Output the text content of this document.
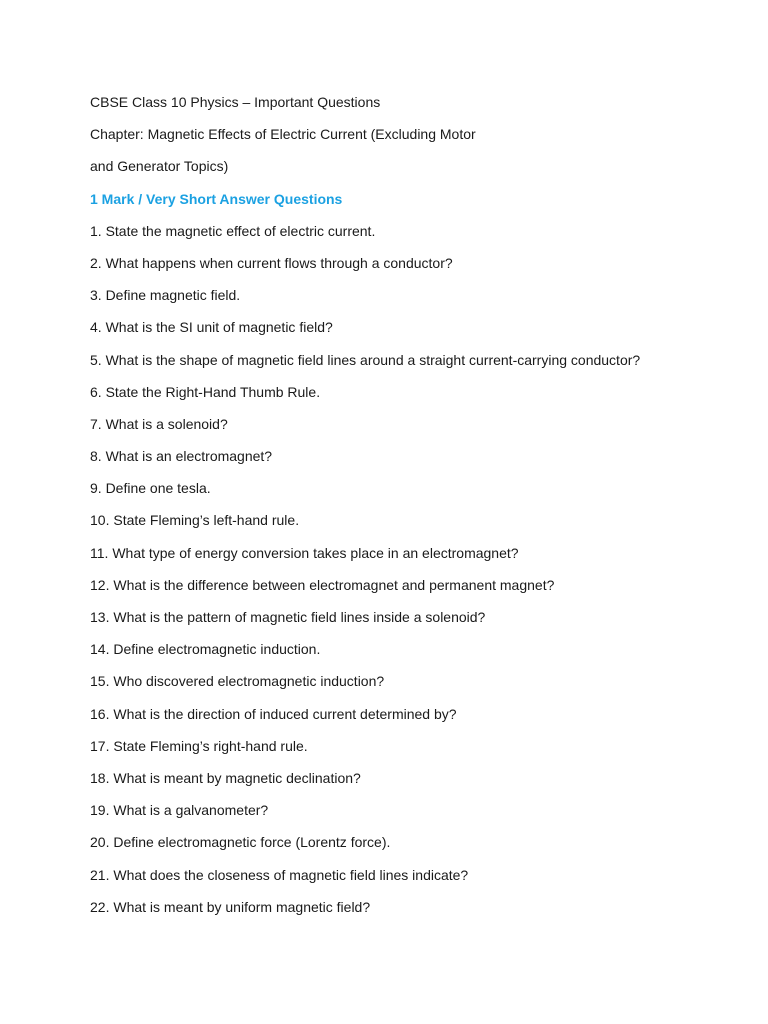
CBSE Class 10 Physics – Important Questions
Chapter: Magnetic Effects of Electric Current (Excluding Motor
and Generator Topics)
1 Mark / Very Short Answer Questions
1. State the magnetic effect of electric current.
2. What happens when current flows through a conductor?
3. Define magnetic field.
4. What is the SI unit of magnetic field?
5. What is the shape of magnetic field lines around a straight current-carrying conductor?
6. State the Right-Hand Thumb Rule.
7. What is a solenoid?
8. What is an electromagnet?
9. Define one tesla.
10. State Fleming’s left-hand rule.
11. What type of energy conversion takes place in an electromagnet?
12. What is the difference between electromagnet and permanent magnet?
13. What is the pattern of magnetic field lines inside a solenoid?
14. Define electromagnetic induction.
15. Who discovered electromagnetic induction?
16. What is the direction of induced current determined by?
17. State Fleming’s right-hand rule.
18. What is meant by magnetic declination?
19. What is a galvanometer?
20. Define electromagnetic force (Lorentz force).
21. What does the closeness of magnetic field lines indicate?
22. What is meant by uniform magnetic field?
